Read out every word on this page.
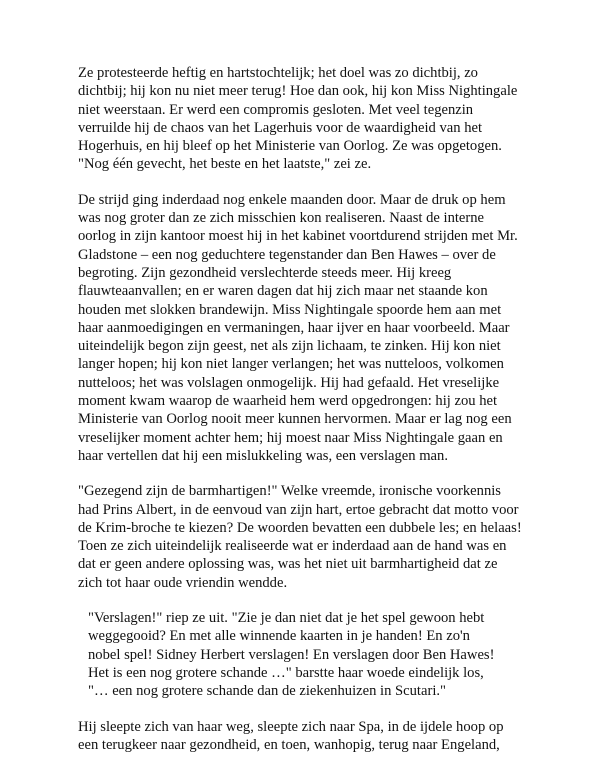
Ze protesteerde heftig en hartstochtelijk; het doel was zo dichtbij, zo
dichtbij; hij kon nu niet meer terug! Hoe dan ook, hij kon Miss Nightingale
niet weerstaan. Er werd een compromis gesloten. Met veel tegenzin
verruilde hij de chaos van het Lagerhuis voor de waardigheid van het
Hogerhuis, en hij bleef op het Ministerie van Oorlog. Ze was opgetogen.
"Nog één gevecht, het beste en het laatste," zei ze.

De strijd ging inderdaad nog enkele maanden door. Maar de druk op hem
was nog groter dan ze zich misschien kon realiseren. Naast de interne
oorlog in zijn kantoor moest hij in het kabinet voortdurend strijden met Mr.
Gladstone – een nog geduchtere tegenstander dan Ben Hawes – over de
begroting. Zijn gezondheid verslechterde steeds meer. Hij kreeg
flauwteaanvallen; en er waren dagen dat hij zich maar net staande kon
houden met slokken brandewijn. Miss Nightingale spoorde hem aan met
haar aanmoedigingen en vermaningen, haar ijver en haar voorbeeld. Maar
uiteindelijk begon zijn geest, net als zijn lichaam, te zinken. Hij kon niet
langer hopen; hij kon niet langer verlangen; het was nutteloos, volkomen
nutteloos; het was volslagen onmogelijk. Hij had gefaald. Het vreselijke
moment kwam waarop de waarheid hem werd opgedrongen: hij zou het
Ministerie van Oorlog nooit meer kunnen hervormen. Maar er lag nog een
vreselijker moment achter hem; hij moest naar Miss Nightingale gaan en
haar vertellen dat hij een mislukkeling was, een verslagen man.

"Gezegend zijn de barmhartigen!" Welke vreemde, ironische voorkennis
had Prins Albert, in de eenvoud van zijn hart, ertoe gebracht dat motto voor
de Krim-broche te kiezen? De woorden bevatten een dubbele les; en helaas!
Toen ze zich uiteindelijk realiseerde wat er inderdaad aan de hand was en
dat er geen andere oplossing was, was het niet uit barmhartigheid dat ze
zich tot haar oude vriendin wendde.

"Verslagen!" riep ze uit. "Zie je dan niet dat je het spel gewoon hebt
weggegooid? En met alle winnende kaarten in je handen! En zo'n
nobel spel! Sidney Herbert verslagen! En verslagen door Ben Hawes!
Het is een nog grotere schande …" barstte haar woede eindelijk los,
"… een nog grotere schande dan de ziekenhuizen in Scutari."

Hij sleepte zich van haar weg, sleepte zich naar Spa, in de ijdele hoop op
een terugkeer naar gezondheid, en toen, wanhopig, terug naar Engeland,
